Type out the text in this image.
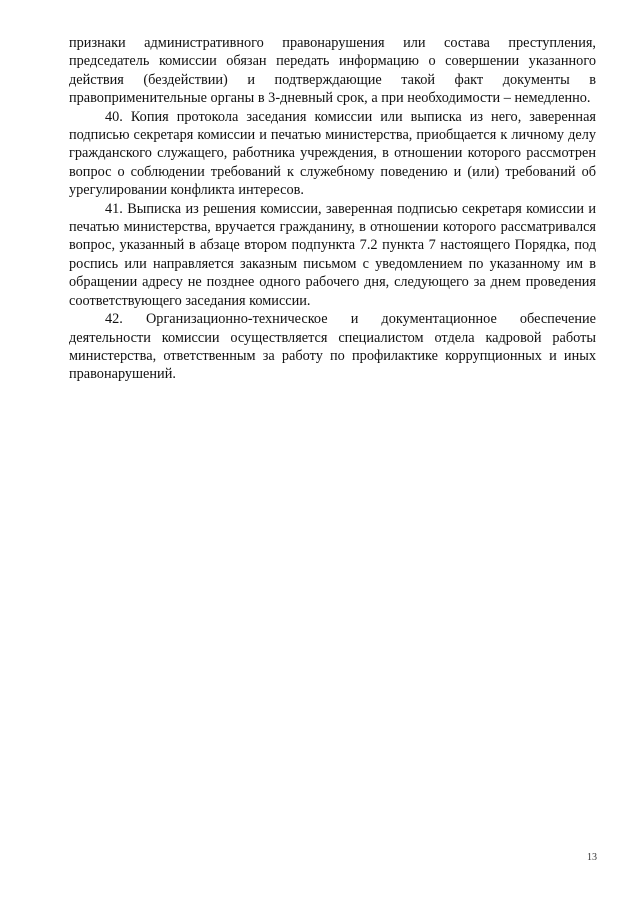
признаки административного правонарушения или состава преступления, председатель комиссии обязан передать информацию о совершении указанного действия (бездействии) и подтверждающие такой факт документы в правоприменительные органы в 3-дневный срок, а при необходимости – немедленно.

40. Копия протокола заседания комиссии или выписка из него, заверенная подписью секретаря комиссии и печатью министерства, приобщается к личному делу гражданского служащего, работника учреждения, в отношении которого рассмотрен вопрос о соблюдении требований к служебному поведению и (или) требований об урегулировании конфликта интересов.

41. Выписка из решения комиссии, заверенная подписью секретаря комиссии и печатью министерства, вручается гражданину, в отношении которого рассматривался вопрос, указанный в абзаце втором подпункта 7.2 пункта 7 настоящего Порядка, под роспись или направляется заказным письмом с уведомлением по указанному им в обращении адресу не позднее одного рабочего дня, следующего за днем проведения соответствующего заседания комиссии.

42. Организационно-техническое и документационное обеспечение деятельности комиссии осуществляется специалистом отдела кадровой работы министерства, ответственным за работу по профилактике коррупционных и иных правонарушений.

13
